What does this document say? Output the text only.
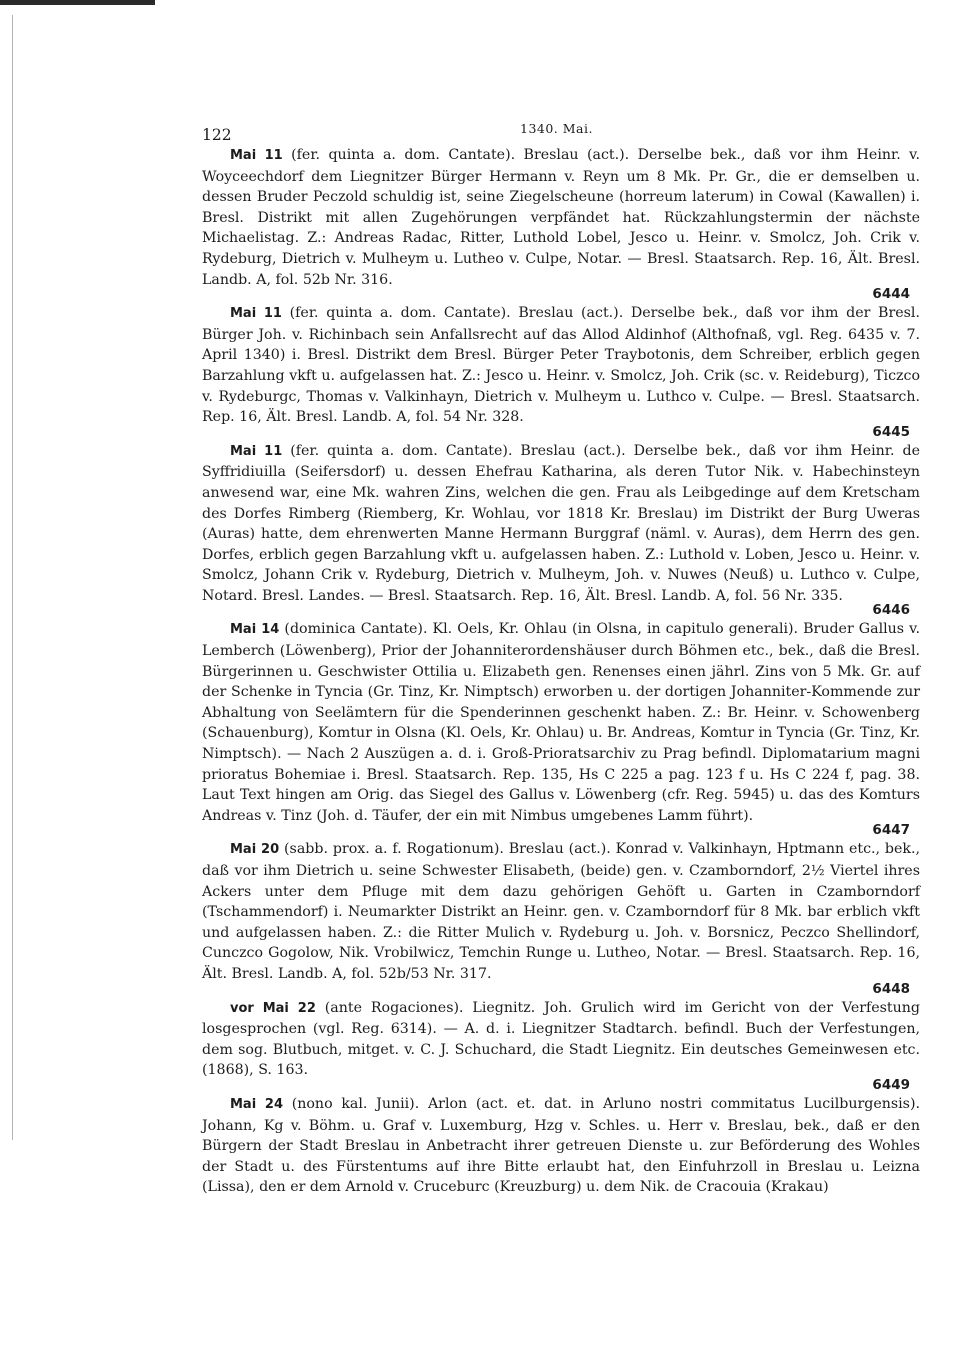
122	1340. Mai.
Mai 11 (fer. quinta a. dom. Cantate). Breslau (act.). Derselbe bek., daß vor ihm Heinr. v. Woyceechdorf dem Liegnitzer Bürger Hermann v. Reyn um 8 Mk. Pr. Gr., die er demselben u. dessen Bruder Peczold schuldig ist, seine Ziegelscheune (horreum laterum) in Cowal (Kawallen) i. Bresl. Distrikt mit allen Zugehörungen verpfändet hat. Rückzahlungstermin der nächste Michaelistag. Z.: Andreas Radac, Ritter, Luthold Lobel, Jesco u. Heinr. v. Smolcz, Joh. Crik v. Rydeburg, Dietrich v. Mulheym u. Lutheo v. Culpe, Notar. — Bresl. Staatsarch. Rep. 16, Ält. Bresl. Landb. A, fol. 52b Nr. 316.
6444
Mai 11 (fer. quinta a. dom. Cantate). Breslau (act.). Derselbe bek., daß vor ihm der Bresl. Bürger Joh. v. Richinbach sein Anfallsrecht auf das Allod Aldinhof (Althofnaß, vgl. Reg. 6435 v. 7. April 1340) i. Bresl. Distrikt dem Bresl. Bürger Peter Traybotonis, dem Schreiber, erblich gegen Barzahlung vkft u. aufgelassen hat. Z.: Jesco u. Heinr. v. Smolcz, Joh. Crik (sc. v. Reideburg), Ticzco v. Rydeburgc, Thomas v. Valkinhayn, Dietrich v. Mulheym u. Luthco v. Culpe. — Bresl. Staatsarch. Rep. 16, Ält. Bresl. Landb. A, fol. 54 Nr. 328.
6445
Mai 11 (fer. quinta a. dom. Cantate). Breslau (act.). Derselbe bek., daß vor ihm Heinr. de Syffridiuilla (Seifersdorf) u. dessen Ehefrau Katharina, als deren Tutor Nik. v. Habechinsteyn anwesend war, eine Mk. wahren Zins, welchen die gen. Frau als Leibgedinge auf dem Kretscham des Dorfes Rimberg (Riemberg, Kr. Wohlau, vor 1818 Kr. Breslau) im Distrikt der Burg Uweras (Auras) hatte, dem ehrenwerten Manne Hermann Burggraf (näml. v. Auras), dem Herrn des gen. Dorfes, erblich gegen Barzahlung vkft u. aufgelassen haben. Z.: Luthold v. Loben, Jesco u. Heinr. v. Smolcz, Johann Crik v. Rydeburg, Dietrich v. Mulheym, Joh. v. Nuwes (Neuß) u. Luthco v. Culpe, Notard. Bresl. Landes. — Bresl. Staatsarch. Rep. 16, Ält. Bresl. Landb. A, fol. 56 Nr. 335.
6446
Mai 14 (dominica Cantate). Kl. Oels, Kr. Ohlau (in Olsna, in capitulo generali). Bruder Gallus v. Lemberch (Löwenberg), Prior der Johanniterordenshäuser durch Böhmen etc., bek., daß die Bresl. Bürgerinnen u. Geschwister Ottilia u. Elizabeth gen. Renenses einen jährl. Zins von 5 Mk. Gr. auf der Schenke in Tyncia (Gr. Tinz, Kr. Nimptsch) erworben u. der dortigen Johanniter-Kommende zur Abhaltung von Seelämtern für die Spenderinnen geschenkt haben. Z.: Br. Heinr. v. Schowenberg (Schauenburg), Komtur in Olsna (Kl. Oels, Kr. Ohlau) u. Br. Andreas, Komtur in Tyncia (Gr. Tinz, Kr. Nimptsch). — Nach 2 Auszügen a. d. i. Groß-Prioratsarchiv zu Prag befindl. Diplomatarium magni prioratus Bohemiae i. Bresl. Staatsarch. Rep. 135, Hs C 225 a pag. 123 f u. Hs C 224 f, pag. 38. Laut Text hingen am Orig. das Siegel des Gallus v. Löwenberg (cfr. Reg. 5945) u. das des Komturs Andreas v. Tinz (Joh. d. Täufer, der ein mit Nimbus umgebenes Lamm führt).
6447
Mai 20 (sabb. prox. a. f. Rogationum). Breslau (act.). Konrad v. Valkinhayn, Hptmann etc., bek., daß vor ihm Dietrich u. seine Schwester Elisabeth, (beide) gen. v. Czamborndorf, 2½ Viertel ihres Ackers unter dem Pfluge mit dem dazu gehörigen Gehöft u. Garten in Czamborndorf (Tschammendorf) i. Neumarkter Distrikt an Heinr. gen. v. Czamborndorf für 8 Mk. bar erblich vkft und aufgelassen haben. Z.: die Ritter Mulich v. Rydeburg u. Joh. v. Borsnicz, Peczco Shellindorf, Cunczco Gogolow, Nik. Vrobilwicz, Temchin Runge u. Lutheo, Notar. — Bresl. Staatsarch. Rep. 16, Ält. Bresl. Landb. A, fol. 52b/53 Nr. 317.
6448
vor Mai 22 (ante Rogaciones). Liegnitz. Joh. Grulich wird im Gericht von der Verfestung losgesprochen (vgl. Reg. 6314). — A. d. i. Liegnitzer Stadtarch. befindl. Buch der Verfestungen, dem sog. Blutbuch, mitget. v. C. J. Schuchard, die Stadt Liegnitz. Ein deutsches Gemeinwesen etc. (1868), S. 163.
6449
Mai 24 (nono kal. Junii). Arlon (act. et. dat. in Arluno nostri commitatus Lucilburgensis). Johann, Kg v. Böhm. u. Graf v. Luxemburg, Hzg v. Schles. u. Herr v. Breslau, bek., daß er den Bürgern der Stadt Breslau in Anbetracht ihrer getreuen Dienste u. zur Beförderung des Wohles der Stadt u. des Fürstentums auf ihre Bitte erlaubt hat, den Einfuhrzoll in Breslau u. Leizna (Lissa), den er dem Arnold v. Cruceburc (Kreuzburg) u. dem Nik. de Cracouia (Krakau)
